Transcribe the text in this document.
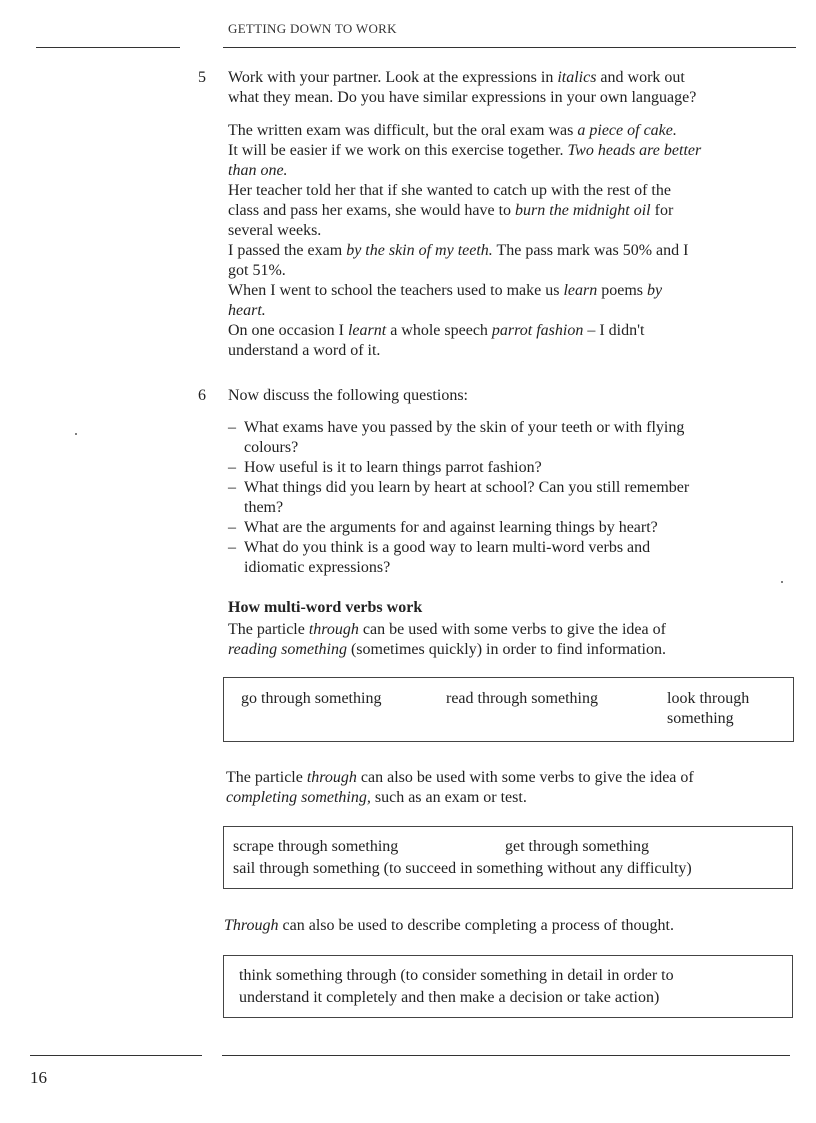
GETTING DOWN TO WORK
5 Work with your partner. Look at the expressions in italics and work out
what they mean. Do you have similar expressions in your own language?
The written exam was difficult, but the oral exam was a piece of cake.
It will be easier if we work on this exercise together. Two heads are better
than one.
Her teacher told her that if she wanted to catch up with the rest of the
class and pass her exams, she would have to burn the midnight oil for
several weeks.
I passed the exam by the skin of my teeth. The pass mark was 50% and I
got 51%.
When I went to school the teachers used to make us learn poems by
heart.
On one occasion I learnt a whole speech parrot fashion – I didn't
understand a word of it.
6 Now discuss the following questions:
– What exams have you passed by the skin of your teeth or with flying
colours?
– How useful is it to learn things parrot fashion?
– What things did you learn by heart at school? Can you still remember
them?
– What are the arguments for and against learning things by heart?
– What do you think is a good way to learn multi-word verbs and
idiomatic expressions?
How multi-word verbs work
The particle through can be used with some verbs to give the idea of
reading something (sometimes quickly) in order to find information.
go through something	read through something	look through
something
The particle through can also be used with some verbs to give the idea of
completing something, such as an exam or test.
scrape through something	get through something
sail through something (to succeed in something without any difficulty)
Through can also be used to describe completing a process of thought.
think something through (to consider something in detail in order to
understand it completely and then make a decision or take action)
16
